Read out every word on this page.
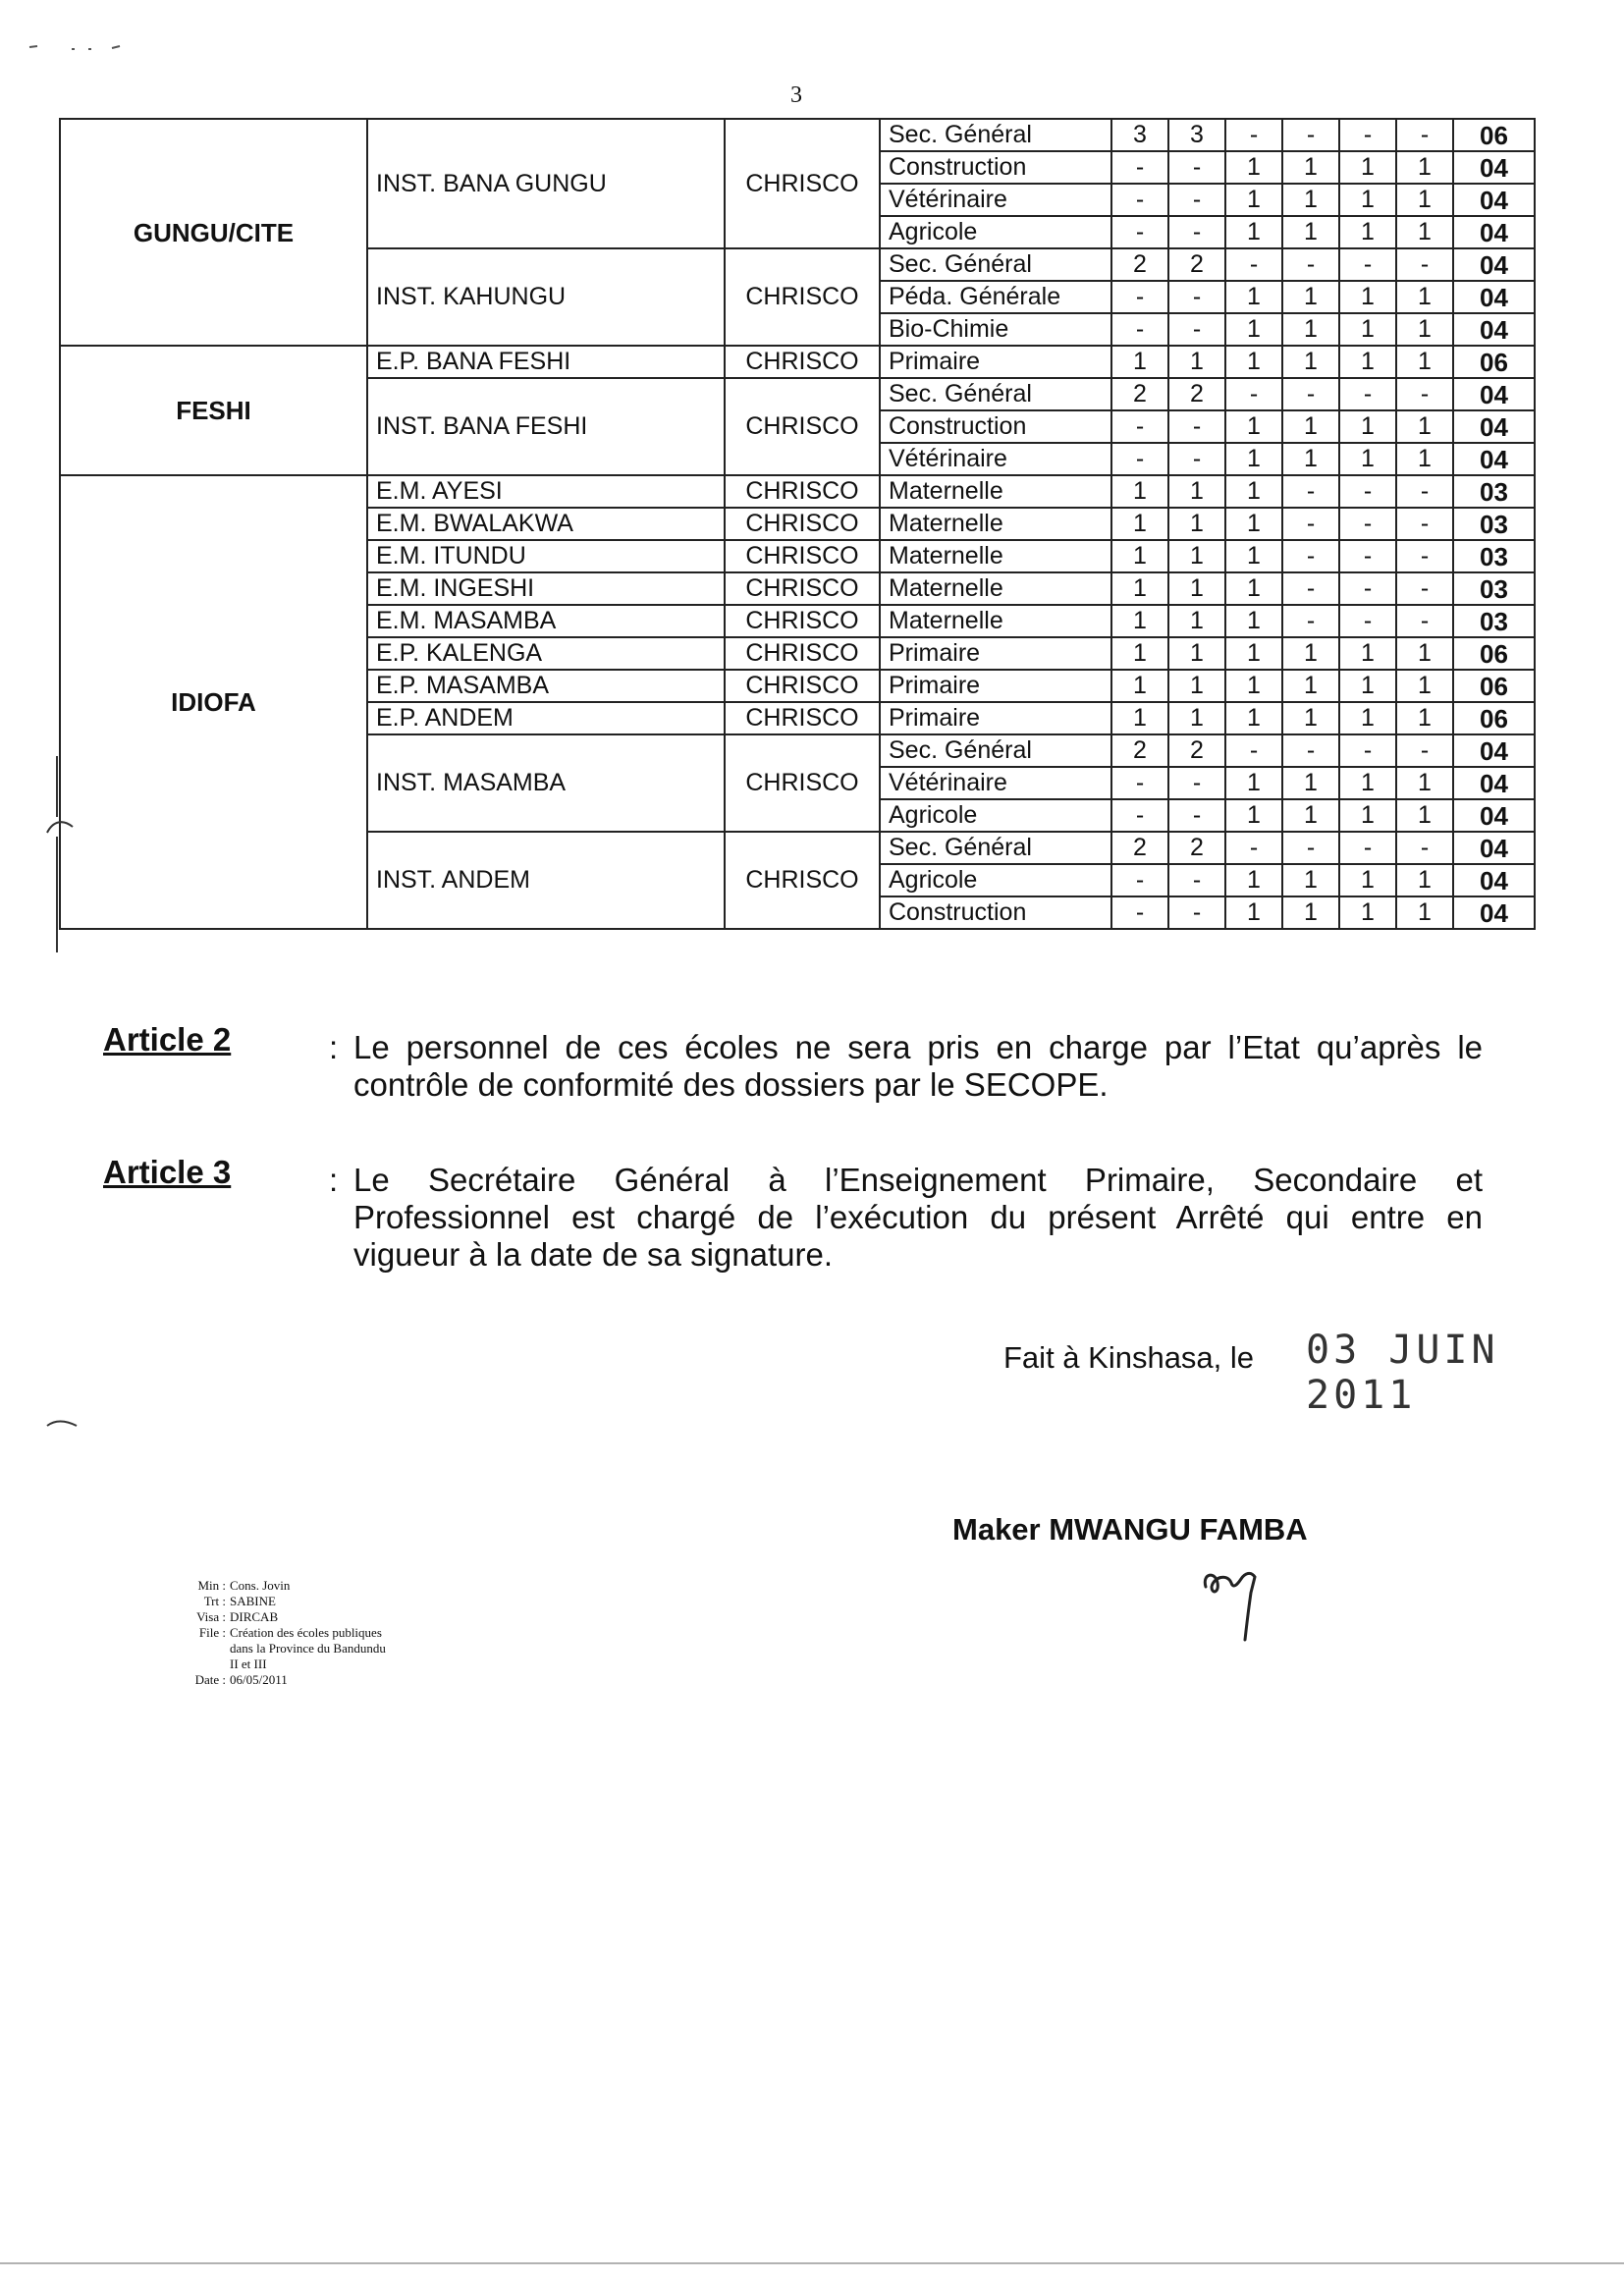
3
GUNGU/CITE	INST. BANA GUNGU	CHRISCO	Sec. Général	3	3	-	-	-	-	06
			Construction	-	-	1	1	1	1	04
			Vétérinaire	-	-	1	1	1	1	04
			Agricole	-	-	1	1	1	1	04
	INST. KAHUNGU	CHRISCO	Sec. Général	2	2	-	-	-	-	04
			Péda. Générale	-	-	1	1	1	1	04
			Bio-Chimie	-	-	1	1	1	1	04
FESHI	E.P. BANA FESHI	CHRISCO	Primaire	1	1	1	1	1	1	06
	INST. BANA FESHI	CHRISCO	Sec. Général	2	2	-	-	-	-	04
			Construction	-	-	1	1	1	1	04
			Vétérinaire	-	-	1	1	1	1	04
IDIOFA	E.M. AYESI	CHRISCO	Maternelle	1	1	1	-	-	-	03
	E.M. BWALAKWA	CHRISCO	Maternelle	1	1	1	-	-	-	03
	E.M. ITUNDU	CHRISCO	Maternelle	1	1	1	-	-	-	03
	E.M. INGESHI	CHRISCO	Maternelle	1	1	1	-	-	-	03
	E.M. MASAMBA	CHRISCO	Maternelle	1	1	1	-	-	-	03
	E.P. KALENGA	CHRISCO	Primaire	1	1	1	1	1	1	06
	E.P. MASAMBA	CHRISCO	Primaire	1	1	1	1	1	1	06
	E.P. ANDEM	CHRISCO	Primaire	1	1	1	1	1	1	06
	INST. MASAMBA	CHRISCO	Sec. Général	2	2	-	-	-	-	04
			Vétérinaire	-	-	1	1	1	1	04
			Agricole	-	-	1	1	1	1	04
	INST. ANDEM	CHRISCO	Sec. Général	2	2	-	-	-	-	04
			Agricole	-	-	1	1	1	1	04
			Construction	-	-	1	1	1	1	04
Article 2	: Le personnel de ces écoles ne sera pris en charge par l’Etat qu’après le
contrôle de conformité des dossiers par le SECOPE.
Article 3	: Le Secrétaire Général à l’Enseignement Primaire, Secondaire et
Professionnel est chargé de l’exécution du présent Arrêté qui entre en
vigueur à la date de sa signature.
Fait à Kinshasa, le 03 JUIN 2011
Maker MWANGU FAMBA
Min : Cons. Jovin
Trt : SABINE
Visa : DIRCAB
File : Création des écoles publiques
dans la Province du Bandundu
II et III
Date : 06/05/2011
